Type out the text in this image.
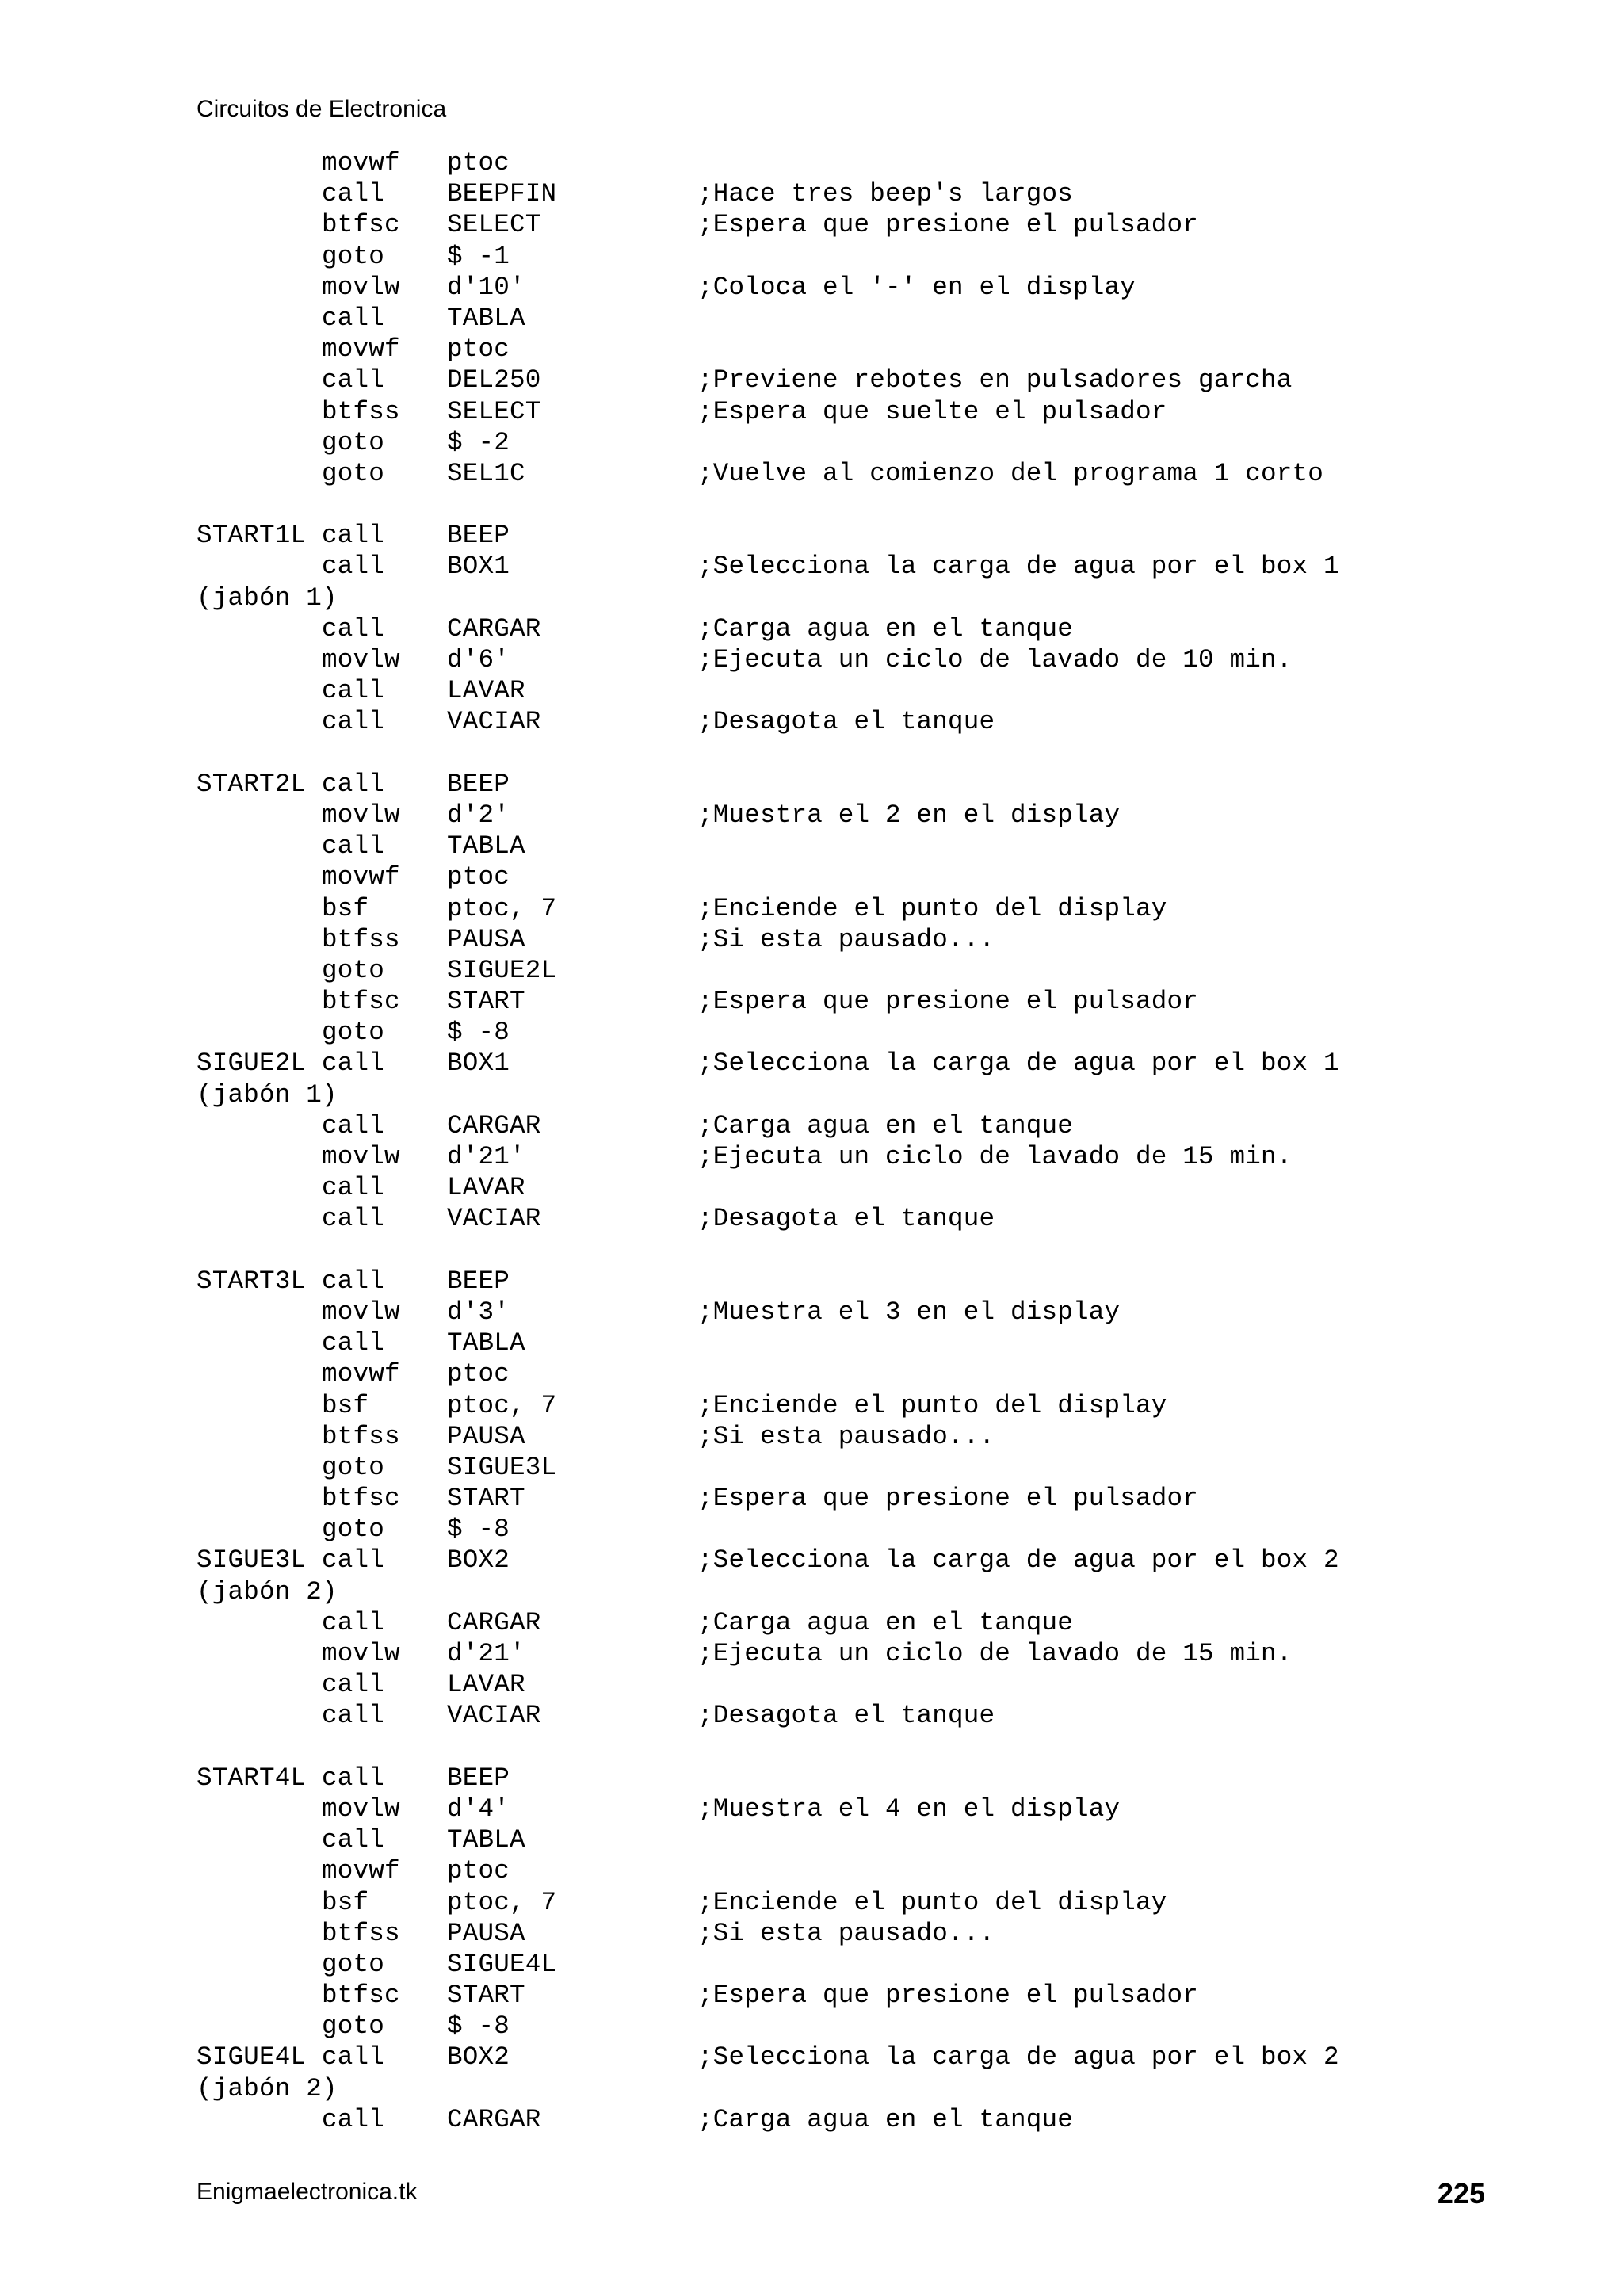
Circuitos de Electronica
movwf   ptoc
call    BEEPFIN         ;Hace tres beep's largos
btfsc   SELECT          ;Espera que presione el pulsador
goto    $ -1
movlw   d'10'           ;Coloca el '-' en el display
call    TABLA
movwf   ptoc
call    DEL250          ;Previene rebotes en pulsadores garcha
btfss   SELECT          ;Espera que suelte el pulsador
goto    $ -2
goto    SEL1C           ;Vuelve al comienzo del programa 1 corto
START1L call    BEEP
call    BOX1            ;Selecciona la carga de agua por el box 1
(jabón 1)
call    CARGAR          ;Carga agua en el tanque
movlw   d'6'            ;Ejecuta un ciclo de lavado de 10 min.
call    LAVAR
call    VACIAR          ;Desagota el tanque
START2L call    BEEP
movlw   d'2'            ;Muestra el 2 en el display
call    TABLA
movwf   ptoc
bsf     ptoc, 7         ;Enciende el punto del display
btfss   PAUSA           ;Si esta pausado...
goto    SIGUE2L
btfsc   START           ;Espera que presione el pulsador
goto    $ -8
SIGUE2L call    BOX1            ;Selecciona la carga de agua por el box 1
(jabón 1)
call    CARGAR          ;Carga agua en el tanque
movlw   d'21'           ;Ejecuta un ciclo de lavado de 15 min.
call    LAVAR
call    VACIAR          ;Desagota el tanque
START3L call    BEEP
movlw   d'3'            ;Muestra el 3 en el display
call    TABLA
movwf   ptoc
bsf     ptoc, 7         ;Enciende el punto del display
btfss   PAUSA           ;Si esta pausado...
goto    SIGUE3L
btfsc   START           ;Espera que presione el pulsador
goto    $ -8
SIGUE3L call    BOX2            ;Selecciona la carga de agua por el box 2
(jabón 2)
call    CARGAR          ;Carga agua en el tanque
movlw   d'21'           ;Ejecuta un ciclo de lavado de 15 min.
call    LAVAR
call    VACIAR          ;Desagota el tanque
START4L call    BEEP
movlw   d'4'            ;Muestra el 4 en el display
call    TABLA
movwf   ptoc
bsf     ptoc, 7         ;Enciende el punto del display
btfss   PAUSA           ;Si esta pausado...
goto    SIGUE4L
btfsc   START           ;Espera que presione el pulsador
goto    $ -8
SIGUE4L call    BOX2            ;Selecciona la carga de agua por el box 2
(jabón 2)
call    CARGAR          ;Carga agua en el tanque
Enigmaelectronica.tk	225
